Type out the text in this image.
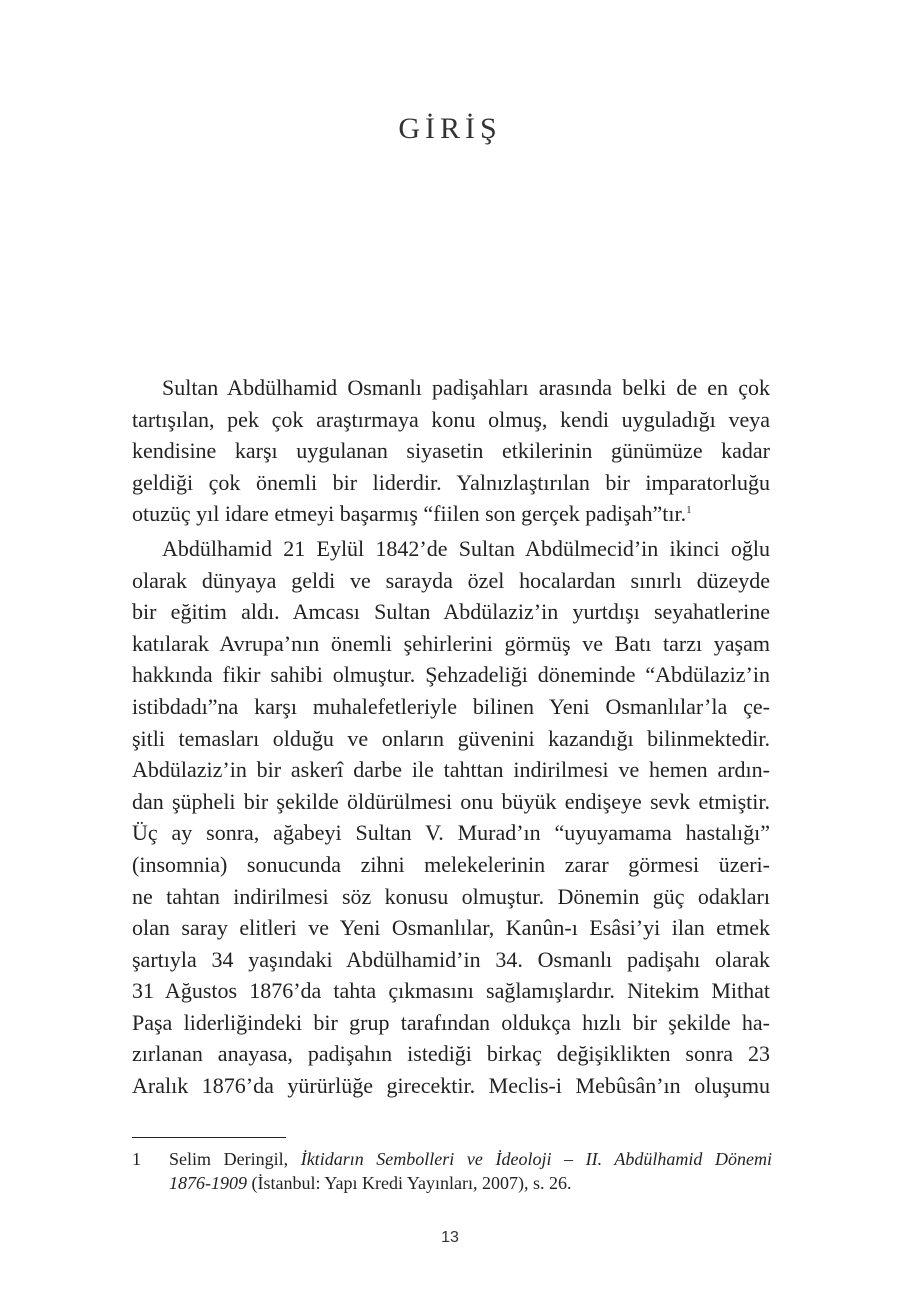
GİRİŞ

Sultan Abdülhamid Osmanlı padişahları arasında belki de en çok
tartışılan, pek çok araştırmaya konu olmuş, kendi uyguladığı veya
kendisine karşı uygulanan siyasetin etkilerinin günümüze kadar
geldiği çok önemli bir liderdir. Yalnızlaştırılan bir imparatorluğu
otuzüç yıl idare etmeyi başarmış “fiilen son gerçek padişah”tır.$^1$

Abdülhamid 21 Eylül 1842’de Sultan Abdülmecid’in ikinci oğlu
olarak dünyaya geldi ve sarayda özel hocalardan sınırlı düzeyde
bir eğitim aldı. Amcası Sultan Abdülaziz’in yurtdışı seyahatlerine
katılarak Avrupa’nın önemli şehirlerini görmüş ve Batı tarzı yaşam
hakkında fikir sahibi olmuştur. Şehzadeliği döneminde “Abdülaziz’in
istibdadı”na karşı muhalefetleriyle bilinen Yeni Osmanlılar’la çe-
şitli temasları olduğu ve onların güvenini kazandığı bilinmektedir.
Abdülaziz’in bir askerî darbe ile tahttan indirilmesi ve hemen ardın-
dan şüpheli bir şekilde öldürülmesi onu büyük endişeye sevk etmiştir.
Üç ay sonra, ağabeyi Sultan V. Murad’ın “uyuyamama hastalığı”
(insomnia) sonucunda zihni melekelerinin zarar görmesi üzeri-
ne tahtan indirilmesi söz konusu olmuştur. Dönemin güç odakları
olan saray elitleri ve Yeni Osmanlılar, Kanûn-ı Esâsi’yi ilan etmek
şartıyla 34 yaşındaki Abdülhamid’in 34. Osmanlı padişahı olarak
31 Ağustos 1876’da tahta çıkmasını sağlamışlardır. Nitekim Mithat
Paşa liderliğindeki bir grup tarafından oldukça hızlı bir şekilde ha-
zırlanan anayasa, padişahın istediği birkaç değişiklikten sonra 23
Aralık 1876’da yürürlüğe girecektir. Meclis-i Mebûsân’ın oluşumu

1 Selim Deringil, İktidarın Sembolleri ve İdeoloji – II. Abdülhamid Dönemi
1876-1909 (İstanbul: Yapı Kredi Yayınları, 2007), s. 26.
13
